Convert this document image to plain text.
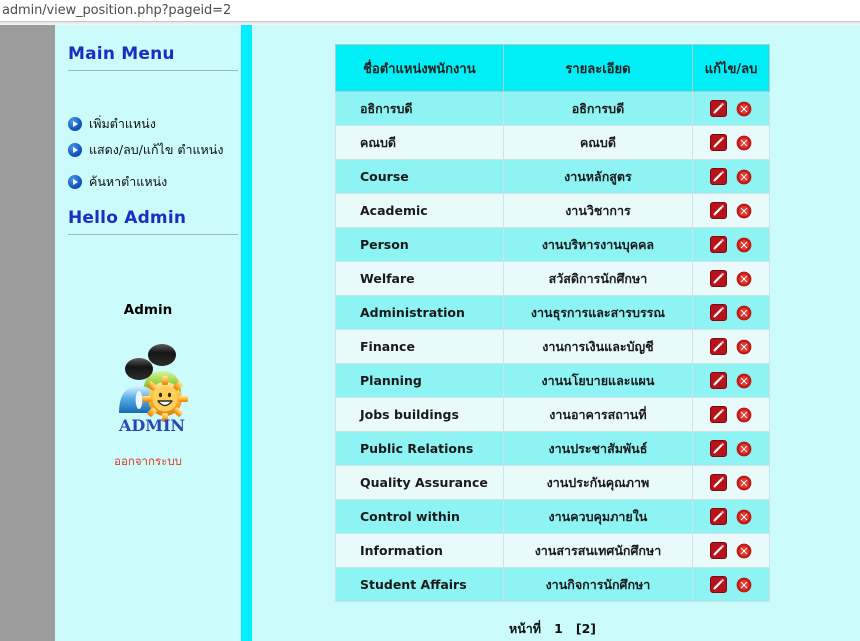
admin/view_position.php?pageid=2
Main Menu
Hello Admin
เพิ่มตำแหน่ง
แสดง/ลบ/แก้ไข ตำแหน่ง
ค้นหาตำแหน่ง
Admin
ADMIN
ออกจากระบบ
ชื่อตำแหน่งพนักงาน	รายละเอียด	แก้ไข/ลบ
อธิการบดี	อธิการบดี	
คณบดี	คณบดี	
Course	งานหลักสูตร	
Academic	งานวิชาการ	
Person	งานบริหารงานบุคคล	
Welfare	สวัสดิการนักศึกษา	
Administration	งานธุรการและสารบรรณ	
Finance	งานการเงินและบัญชี	
Planning	งานนโยบายและแผน	
Jobs buildings	งานอาคารสถานที่	
Public Relations	งานประชาสัมพันธ์	
Quality Assurance	งานประกันคุณภาพ	
Control within	งานควบคุมภายใน	
Information	งานสารสนเทศนักศึกษา	
Student Affairs	งานกิจการนักศึกษา	
หน้าที่ 1 [2]
